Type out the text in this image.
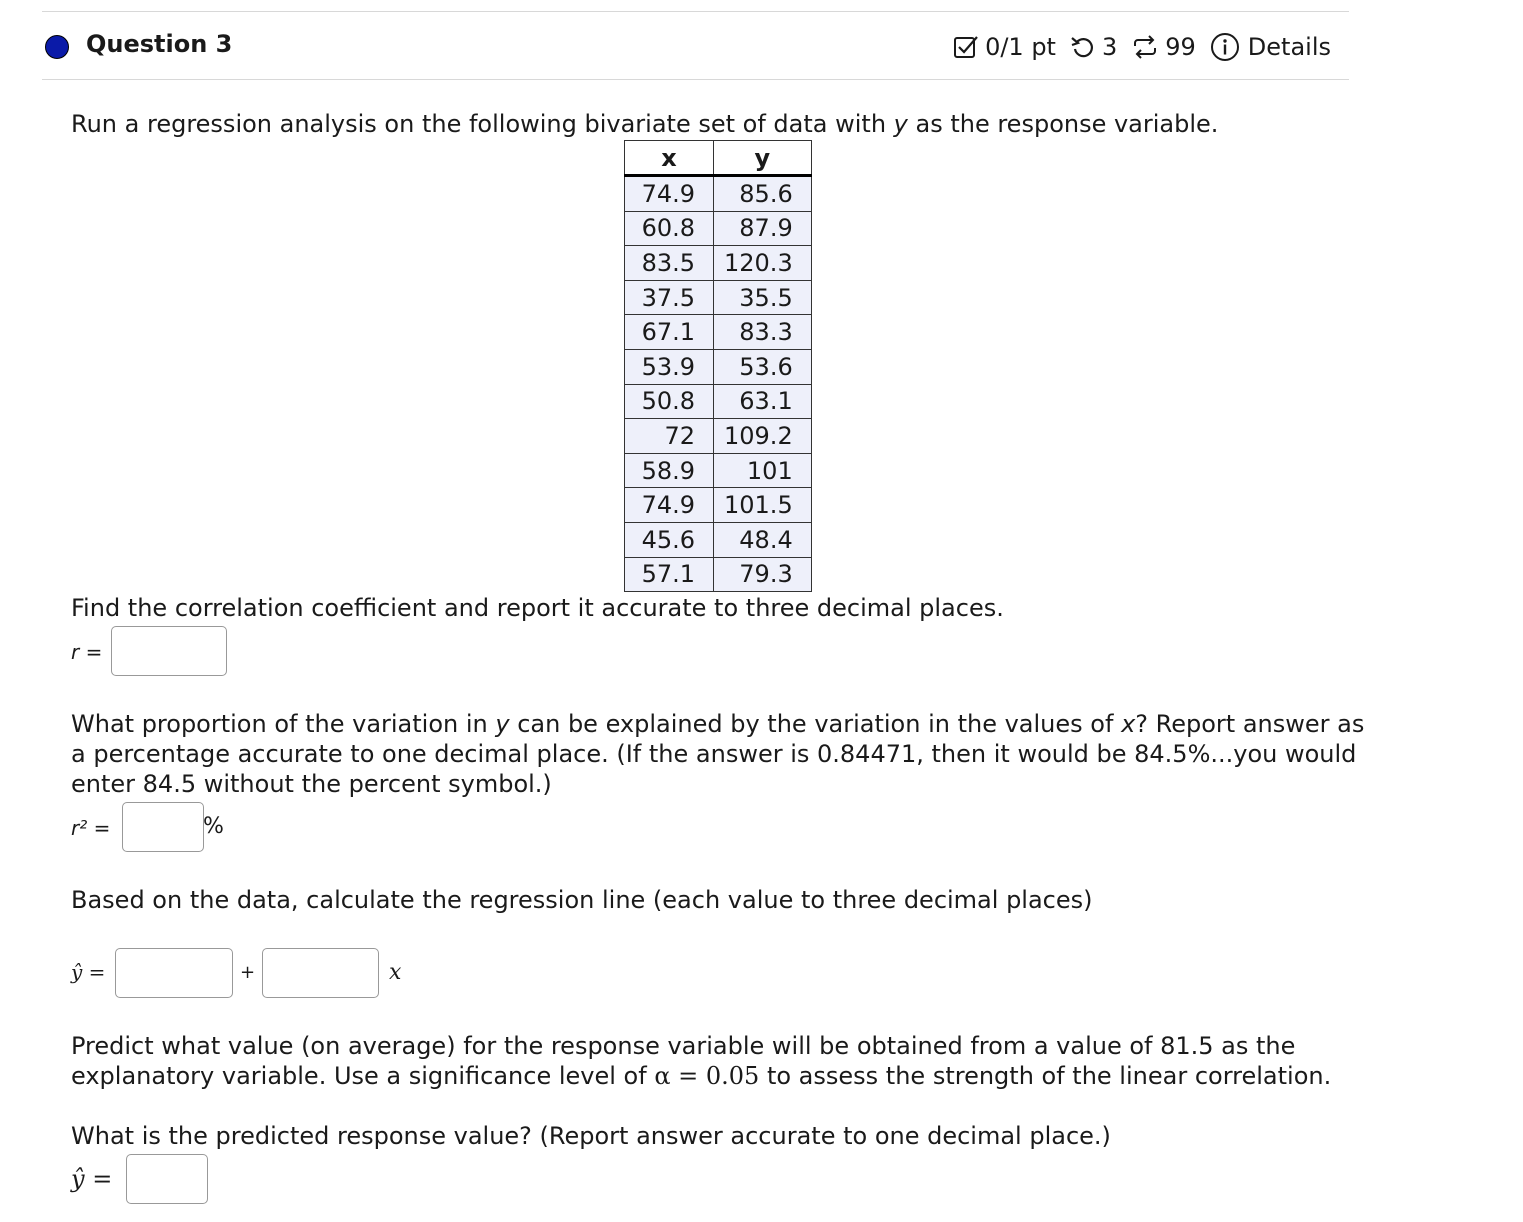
Question 3	0/1 pt 3 99 Details
Run a regression analysis on the following bivariate set of data with y as the response variable.
x	y
74.9	85.6
60.8	87.9
83.5	120.3
37.5	35.5
67.1	83.3
53.9	53.6
50.8	63.1
72	109.2
58.9	101
74.9	101.5
45.6	48.4
57.1	79.3
Find the correlation coefficient and report it accurate to three decimal places.
r =
What proportion of the variation in y can be explained by the variation in the values of x? Report answer as
a percentage accurate to one decimal place. (If the answer is 0.84471, then it would be 84.5%...you would
enter 84.5 without the percent symbol.)
r² =	%
Based on the data, calculate the regression line (each value to three decimal places)
ŷ =	+	x
Predict what value (on average) for the response variable will be obtained from a value of 81.5 as the
explanatory variable. Use a significance level of α = 0.05 to assess the strength of the linear correlation.
What is the predicted response value? (Report answer accurate to one decimal place.)
ŷ =
